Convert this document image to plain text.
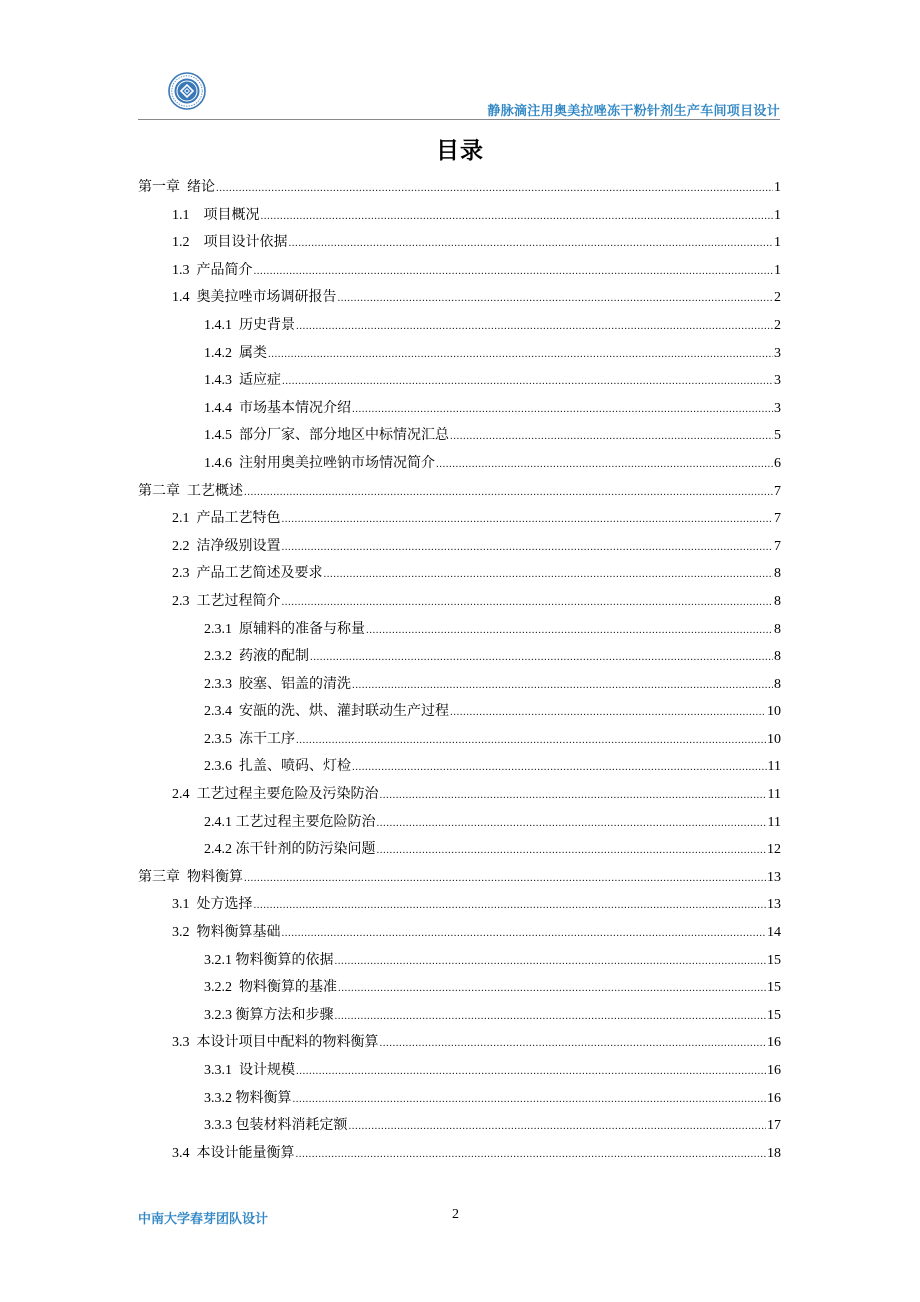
静脉滴注用奥美拉唑冻干粉针剂生产车间项目设计
目录
第一章  绪论 .....	1
1.1    项目概况 .....	1
1.2    项目设计依据 .....	1
1.3  产品简介 .....	1
1.4  奥美拉唑市场调研报告 .....	2
1.4.1  历史背景 .....	2
1.4.2  属类 .....	3
1.4.3  适应症 .....	3
1.4.4  市场基本情况介绍 .....	3
1.4.5  部分厂家、部分地区中标情况汇总 .....	5
1.4.6  注射用奥美拉唑钠市场情况简介 .....	6
第二章  工艺概述 .....	7
2.1  产品工艺特色 .....	7
2.2  洁净级别设置 .....	7
2.3  产品工艺简述及要求 .....	8
2.3  工艺过程简介 .....	8
2.3.1  原辅料的准备与称量 .....	8
2.3.2  药液的配制 .....	8
2.3.3  胶塞、铝盖的清洗 .....	8
2.3.4  安瓿的洗、烘、灌封联动生产过程 .....	10
2.3.5  冻干工序 .....	10
2.3.6  扎盖、喷码、灯检 .....	11
2.4  工艺过程主要危险及污染防治 .....	11
2.4.1 工艺过程主要危险防治 .....	11
2.4.2 冻干针剂的防污染问题 .....	12
第三章  物料衡算 .....	13
3.1  处方选择 .....	13
3.2  物料衡算基础 .....	14
3.2.1 物料衡算的依据 .....	15
3.2.2  物料衡算的基准 .....	15
3.2.3 衡算方法和步骤 .....	15
3.3  本设计项目中配料的物料衡算 .....	16
3.3.1  设计规模 .....	16
3.3.2 物料衡算 .....	16
3.3.3 包装材料消耗定额 .....	17
3.4  本设计能量衡算 .....	18
中南大学春芽团队设计	2
